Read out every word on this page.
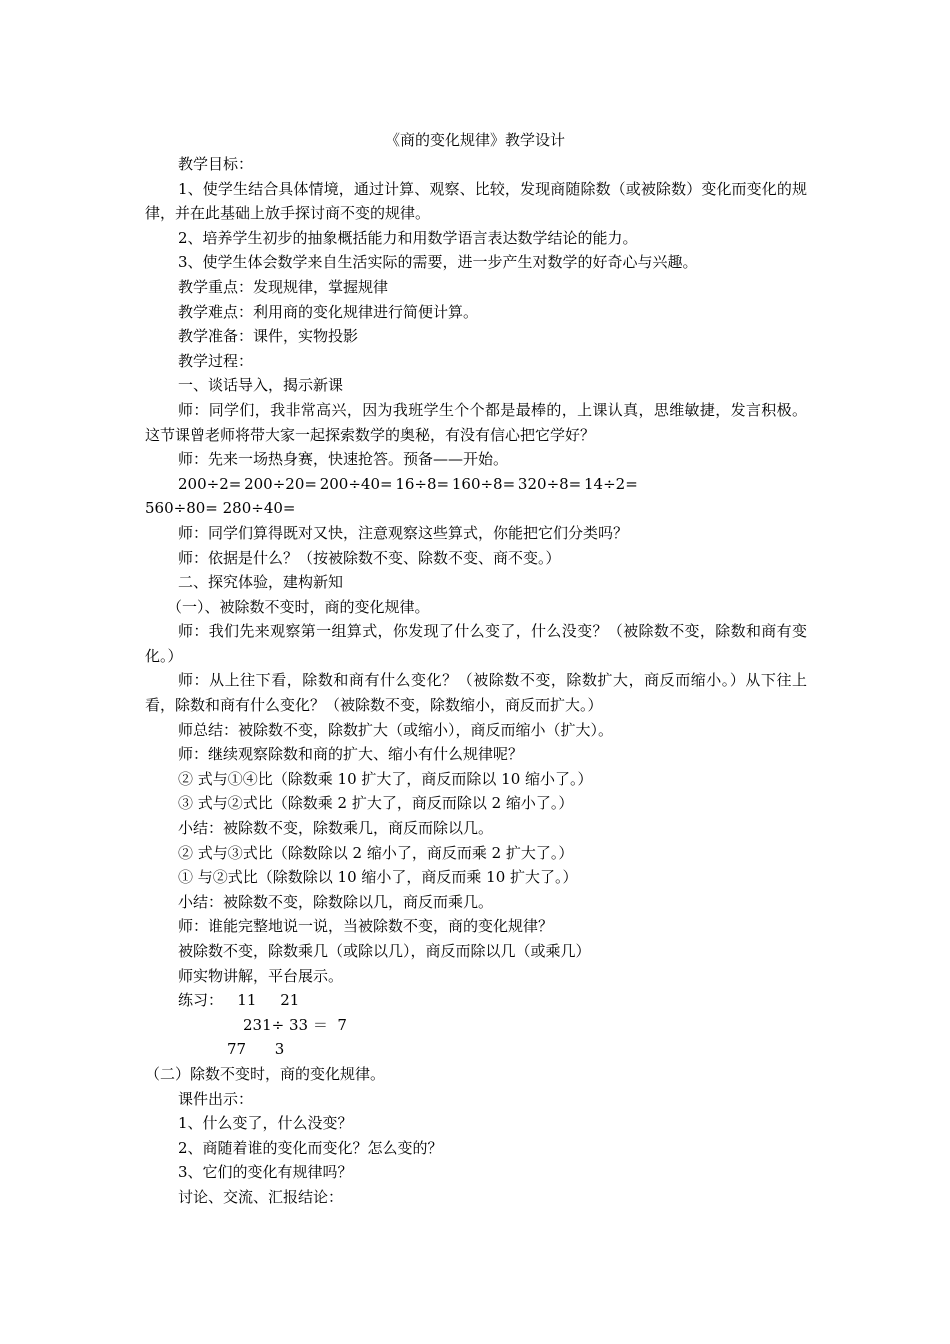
《商的变化规律》教学设计

教学目标：

1、使学生结合具体情境，通过计算、观察、比较，发现商随除数（或被除数）变化而变化的规律，并在此基础上放手探讨商不变的规律。

2、培养学生初步的抽象概括能力和用数学语言表达数学结论的能力。

3、使学生体会数学来自生活实际的需要，进一步产生对数学的好奇心与兴趣。

教学重点：发现规律，掌握规律

教学难点：利用商的变化规律进行简便计算。

教学准备：课件，实物投影

教学过程：

一、谈话导入，揭示新课

师：同学们，我非常高兴，因为我班学生个个都是最棒的，上课认真，思维敏捷，发言积极。这节课曾老师将带大家一起探索数学的奥秘，有没有信心把它学好？

师：先来一场热身赛，快速抢答。预备——开始。

200÷2= 200÷20= 200÷40= 16÷8= 160÷8= 320÷8= 14÷2=

560÷80= 280÷40=

师：同学们算得既对又快，注意观察这些算式，你能把它们分类吗？

师：依据是什么？（按被除数不变、除数不变、商不变。）

二、探究体验，建构新知

（一）、被除数不变时，商的变化规律。

师：我们先来观察第一组算式，你发现了什么变了，什么没变？（被除数不变，除数和商有变化。）

师：从上往下看，除数和商有什么变化？（被除数不变，除数扩大，商反而缩小。）从下往上看，除数和商有什么变化？（被除数不变，除数缩小，商反而扩大。）

师总结：被除数不变，除数扩大（或缩小），商反而缩小（扩大）。

师：继续观察除数和商的扩大、缩小有什么规律呢？

② 式与①④比（除数乘 10 扩大了，商反而除以 10 缩小了。）

③ 式与②式比（除数乘 2 扩大了，商反而除以 2 缩小了。）

小结：被除数不变，除数乘几，商反而除以几。

② 式与③式比（除数除以 2 缩小了，商反而乘 2 扩大了。）

① 与②式比（除数除以 10 缩小了，商反而乘 10 扩大了。）

小结：被除数不变，除数除以几，商反而乘几。

师：谁能完整地说一说，当被除数不变，商的变化规律？

被除数不变，除数乘几（或除以几），商反而除以几（或乘几）

师实物讲解，平台展示。

练习：   11     21

231÷ 33 ＝  7

77      3

（二）除数不变时，商的变化规律。

课件出示：

1、什么变了，什么没变？

2、商随着谁的变化而变化？怎么变的？

3、它们的变化有规律吗？

讨论、交流、汇报结论：
